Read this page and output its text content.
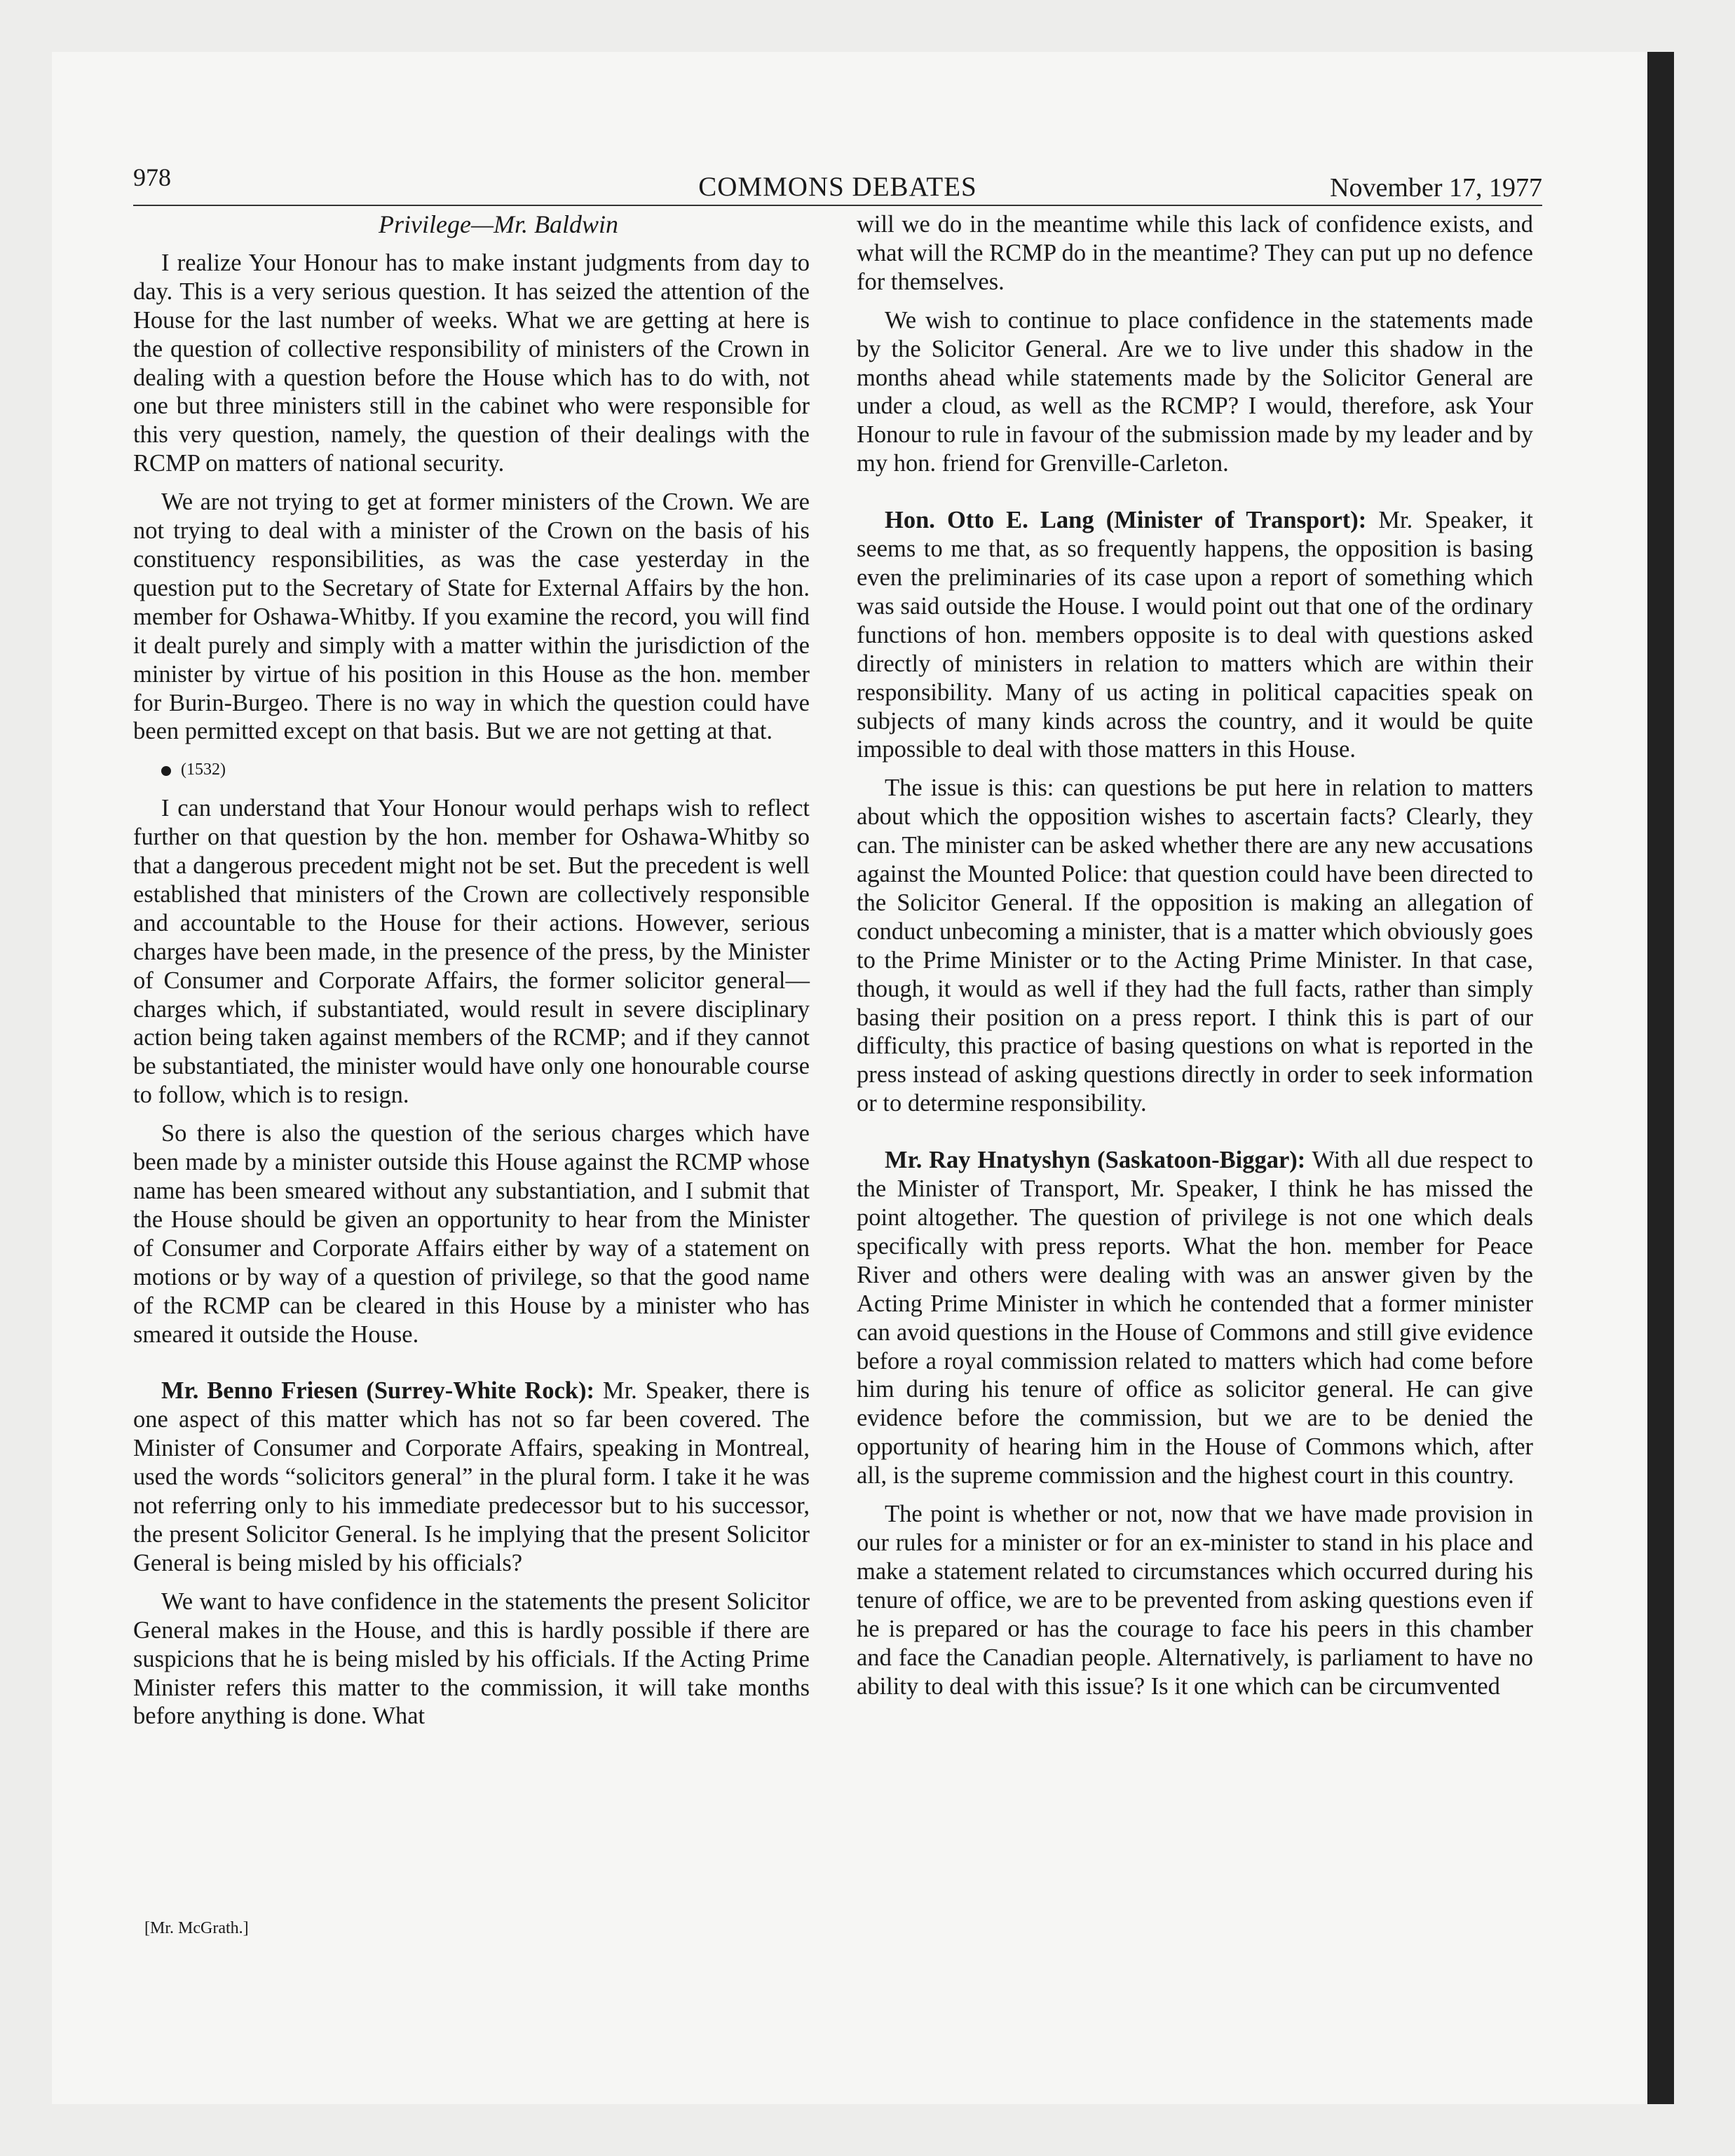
978	COMMONS DEBATES	November 17, 1977

Privilege—Mr. Baldwin

I realize Your Honour has to make instant judgments from day to day. This is a very serious question. It has seized the attention of the House for the last number of weeks. What we are getting at here is the question of collective responsibility of ministers of the Crown in dealing with a question before the House which has to do with, not one but three ministers still in the cabinet who were responsible for this very question, namely, the question of their dealings with the RCMP on matters of national security.

We are not trying to get at former ministers of the Crown. We are not trying to deal with a minister of the Crown on the basis of his constituency responsibilities, as was the case yesterday in the question put to the Secretary of State for External Affairs by the hon. member for Oshawa-Whitby. If you examine the record, you will find it dealt purely and simply with a matter within the jurisdiction of the minister by virtue of his position in this House as the hon. member for Burin-Burgeo. There is no way in which the question could have been permitted except on that basis. But we are not getting at that.

(1532)

I can understand that Your Honour would perhaps wish to reflect further on that question by the hon. member for Oshawa-Whitby so that a dangerous precedent might not be set. But the precedent is well established that ministers of the Crown are collectively responsible and accountable to the House for their actions. However, serious charges have been made, in the presence of the press, by the Minister of Consumer and Corporate Affairs, the former solicitor general— charges which, if substantiated, would result in severe disciplinary action being taken against members of the RCMP; and if they cannot be substantiated, the minister would have only one honourable course to follow, which is to resign.

So there is also the question of the serious charges which have been made by a minister outside this House against the RCMP whose name has been smeared without any substantiation, and I submit that the House should be given an opportunity to hear from the Minister of Consumer and Corporate Affairs either by way of a statement on motions or by way of a question of privilege, so that the good name of the RCMP can be cleared in this House by a minister who has smeared it outside the House.

Mr. Benno Friesen (Surrey-White Rock): Mr. Speaker, there is one aspect of this matter which has not so far been covered. The Minister of Consumer and Corporate Affairs, speaking in Montreal, used the words “solicitors general” in the plural form. I take it he was not referring only to his immediate predecessor but to his successor, the present Solicitor General. Is he implying that the present Solicitor General is being misled by his officials?

We want to have confidence in the statements the present Solicitor General makes in the House, and this is hardly possible if there are suspicions that he is being misled by his officials. If the Acting Prime Minister refers this matter to the commission, it will take months before anything is done. What

[Mr. McGrath.]

will we do in the meantime while this lack of confidence exists, and what will the RCMP do in the meantime? They can put up no defence for themselves.

We wish to continue to place confidence in the statements made by the Solicitor General. Are we to live under this shadow in the months ahead while statements made by the Solicitor General are under a cloud, as well as the RCMP? I would, therefore, ask Your Honour to rule in favour of the submission made by my leader and by my hon. friend for Grenville-Carleton.

Hon. Otto E. Lang (Minister of Transport): Mr. Speaker, it seems to me that, as so frequently happens, the opposition is basing even the preliminaries of its case upon a report of something which was said outside the House. I would point out that one of the ordinary functions of hon. members opposite is to deal with questions asked directly of ministers in relation to matters which are within their responsibility. Many of us acting in political capacities speak on subjects of many kinds across the country, and it would be quite impossible to deal with those matters in this House.

The issue is this: can questions be put here in relation to matters about which the opposition wishes to ascertain facts? Clearly, they can. The minister can be asked whether there are any new accusations against the Mounted Police: that question could have been directed to the Solicitor General. If the opposition is making an allegation of conduct unbecoming a minister, that is a matter which obviously goes to the Prime Minister or to the Acting Prime Minister. In that case, though, it would as well if they had the full facts, rather than simply basing their position on a press report. I think this is part of our difficulty, this practice of basing questions on what is reported in the press instead of asking questions directly in order to seek information or to determine responsibility.

Mr. Ray Hnatyshyn (Saskatoon-Biggar): With all due respect to the Minister of Transport, Mr. Speaker, I think he has missed the point altogether. The question of privilege is not one which deals specifically with press reports. What the hon. member for Peace River and others were dealing with was an answer given by the Acting Prime Minister in which he contended that a former minister can avoid questions in the House of Commons and still give evidence before a royal commission related to matters which had come before him during his tenure of office as solicitor general. He can give evidence before the commission, but we are to be denied the opportunity of hearing him in the House of Commons which, after all, is the supreme commission and the highest court in this country.

The point is whether or not, now that we have made provision in our rules for a minister or for an ex-minister to stand in his place and make a statement related to circumstances which occurred during his tenure of office, we are to be prevented from asking questions even if he is prepared or has the courage to face his peers in this chamber and face the Canadian people. Alternatively, is parliament to have no ability to deal with this issue? Is it one which can be circumvented
